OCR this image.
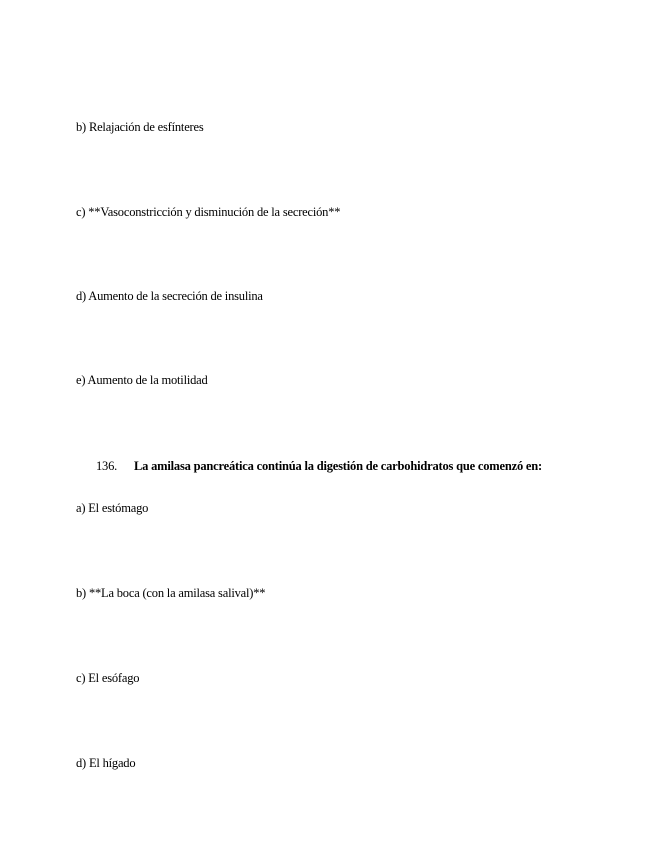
b) Relajación de esfínteres
c) **Vasoconstricción y disminución de la secreción**
d) Aumento de la secreción de insulina
e) Aumento de la motilidad
136. La amilasa pancreática continúa la digestión de carbohidratos que comenzó en:
a) El estómago
b) **La boca (con la amilasa salival)**
c) El esófago
d) El hígado
